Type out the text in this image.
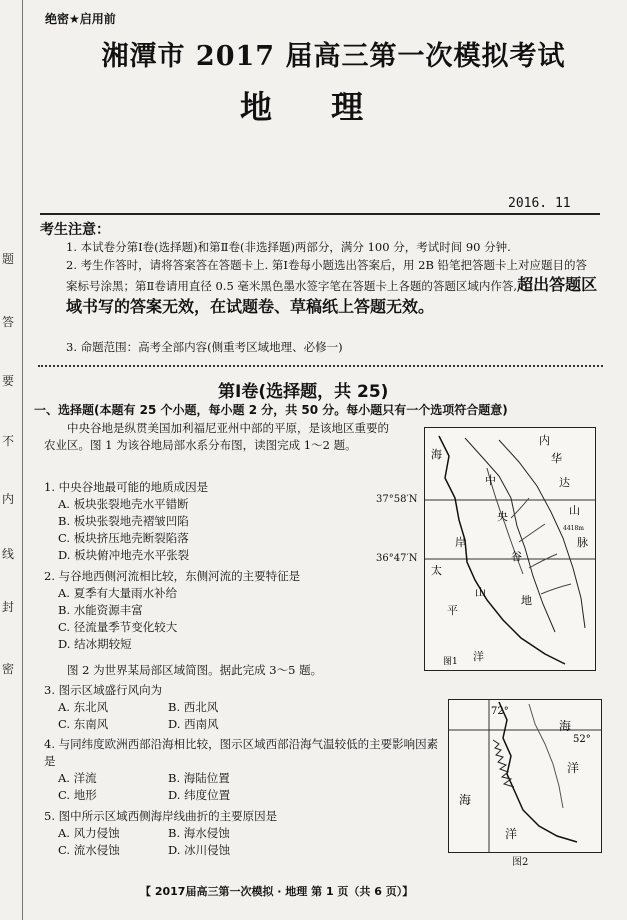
题
答
要
不
内
线
封
密
绝密★启用前
湘潭市 2017 届高三第一次模拟考试
地 理
2016. 11
考生注意：
1. 本试卷分第Ⅰ卷(选择题)和第Ⅱ卷(非选择题)两部分，满分 100 分，考试时间 90 分钟.
2. 考生作答时，请将答案答在答题卡上. 第Ⅰ卷每小题选出答案后，用 2B 铅笔把答题卡上对应题目的答案标号涂黑；第Ⅱ卷请用直径 0.5 毫米黑色墨水签字笔在答题卡上各题的答题区域内作答,超出答题区域书写的答案无效，在试题卷、草稿纸上答题无效。
3. 命题范围：高考全部内容(侧重考区域地理、必修一)
第Ⅰ卷(选择题，共 25)
一、选择题(本题有 25 个小题，每小题 2 分，共 50 分。每小题只有一个选项符合题意)
中央谷地是纵贯美国加利福尼亚州中部的平原，是该地区重要的农业区。图 1 为该谷地局部水系分布图，读图完成 1～2 题。
1. 中央谷地最可能的地质成因是
A. 板块张裂地壳水平错断
B. 板块张裂地壳褶皱凹陷
C. 板块挤压地壳断裂陷落
D. 板块俯冲地壳水平张裂
2. 与谷地西侧河流相比较，东侧河流的主要特征是
A. 夏季有大量雨水补给
B. 水能资源丰富
C. 径流量季节变化较大
D. 结冰期较短
图 2 为世界某局部区域简图。据此完成 3～5 题。
3. 图示区域盛行风向为
A. 东北风	B. 西北风
C. 东南风	D. 西南风
4. 与同纬度欧洲西部沿海相比较，图示区域西部沿海气温较低的主要影响因素是
A. 洋流	B. 海陆位置
C. 地形	D. 纬度位置
5. 图中所示区域西侧海岸线曲折的主要原因是
A. 风力侵蚀	B. 海水侵蚀
C. 流水侵蚀	D. 冰川侵蚀
37°58′N
36°47′N
海
岸
太
平
洋
山
中
央
谷
地
内
华
达
山
脉
4418m
图1
72°
52°
海
洋
海
洋
图2
【 2017届高三第一次模拟 · 地理 第 1 页（共 6 页）】
